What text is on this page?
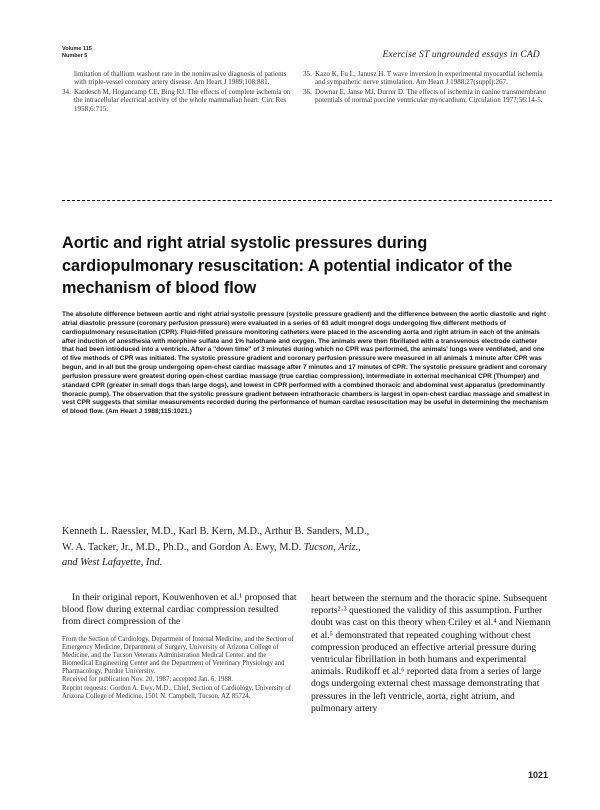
Volume 115
Number 5	Exercise ST ungrounded essays in CAD
limitation of thallium washout rate in the noninvasive diagnosis of patients with triple-vessel coronary artery disease. Am Heart J 1989;108:881.
34. Kardesch M, Hogancamp CE, Bing RJ. The effects of complete ischemia on the intracellular electrical activity of the whole mammalian heart. Circ Res 1958;6:715.
35. Kazo K, Fu L, Janusz H. T wave inversion in experimental myocardial ischemia and sympathetic nerve stimulation. Am Heart J 1988;27(suppl):267.
36. Downar E, Janse MJ, Durrer D. The effects of ischemia in canine transmembrane potentials of normal porcine ventricular myocardium. Circulation 1977;56:14-5.
Aortic and right atrial systolic pressures during cardiopulmonary resuscitation: A potential indicator of the mechanism of blood flow

The absolute difference between aortic and right atrial systolic pressure (systolic pressure gradient) and the difference between the aortic diastolic and right atrial diastolic pressure (coronary perfusion pressure) were evaluated in a series of 63 adult mongrel dogs undergoing five different methods of cardiopulmonary resuscitation (CPR). Fluid-filled pressure monitoring catheters were placed in the ascending aorta and right atrium in each of the animals after induction of anesthesia with morphine sulfate and 1% halothane and oxygen. The animals were then fibrillated with a transvenous electrode catheter that had been introduced into a ventricle. After a "down time" of 3 minutes during which no CPR was performed, the animals' lungs were ventilated, and one of five methods of CPR was initiated. The systolic pressure gradient and coronary perfusion pressure were measured in all animals 1 minute after CPR was begun, and in all but the group undergoing open-chest cardiac massage after 7 minutes and 17 minutes of CPR. The systolic pressure gradient and coronary perfusion pressure were greatest during open-chest cardiac massage (true cardiac compression), intermediate in external mechanical CPR (Thumper) and standard CPR (greater in small dogs than large dogs), and lowest in CPR performed with a combined thoracic and abdominal vest apparatus (predominantly thoracic pump). The observation that the systolic pressure gradient between intrathoracic chambers is largest in open-chest cardiac massage and smallest in vest CPR suggests that similar measurements recorded during the performance of human cardiac resuscitation may be useful in determining the mechanism of blood flow. (Am Heart J 1988;115:1021.)

Kenneth L. Raessler, M.D., Karl B. Kern, M.D., Arthur B. Sanders, M.D.,
W. A. Tacker, Jr., M.D., Ph.D., and Gordon A. Ewy, M.D. Tucson, Ariz.,
and West Lafayette, Ind.

In their original report, Kouwenhoven et al.¹ proposed that blood flow during external cardiac compression resulted from direct compression of the

From the Section of Cardiology, Department of Internal Medicine, and the Section of Emergency Medicine, Department of Surgery, University of Arizona College of Medicine, and the Tucson Veterans Administration Medical Center, and the Biomedical Engineering Center and the Department of Veterinary Physiology and Pharmacology, Purdue University.

Received for publication Nov. 20, 1987; accepted Jan. 6, 1988.

Reprint requests: Gordon A. Ewy, M.D., Chief, Section of Cardiology, University of Arizona College of Medicine, 1501 N. Campbell, Tucson, AZ 85724.

heart between the sternum and the thoracic spine. Subsequent reports²·³ questioned the validity of this assumption. Further doubt was cast on this theory when Criley et al.⁴ and Niemann et al.⁵ demonstrated that repeated coughing without chest compression produced an effective arterial pressure during ventricular fibrillation in both humans and experimental animals. Rudikoff et al.⁶ reported data from a series of large dogs undergoing external chest massage demonstrating that pressures in the left ventricle, aorta, right atrium, and pulmonary artery

1021
